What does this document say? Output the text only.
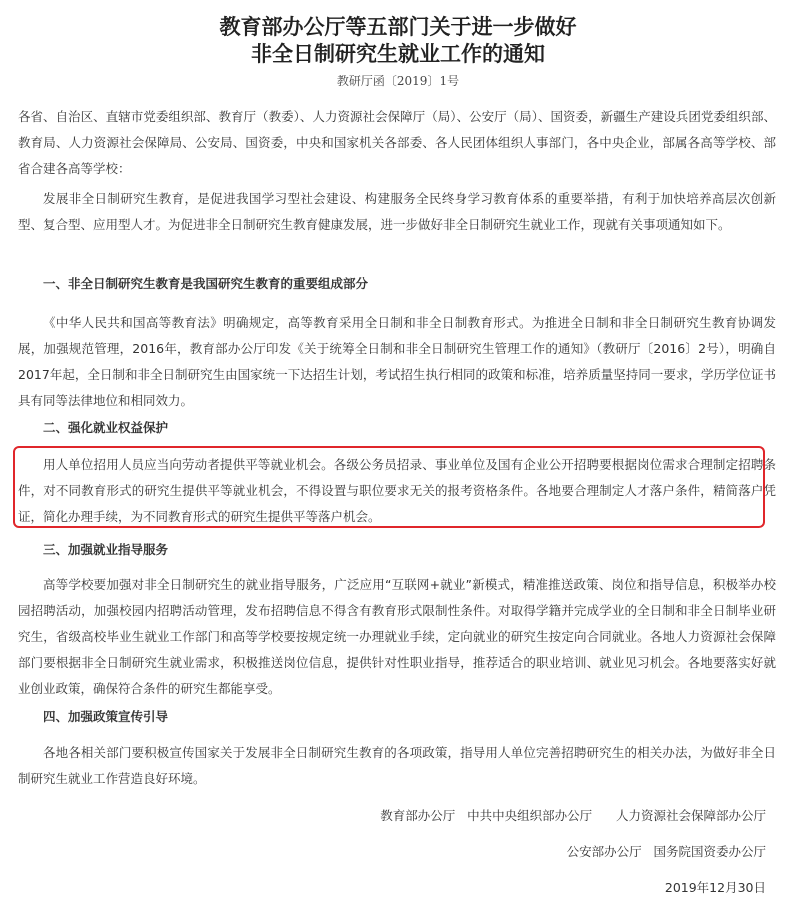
教育部办公厅等五部门关于进一步做好
非全日制研究生就业工作的通知
教研厅函〔2019〕1号

各省、自治区、直辖市党委组织部、教育厅（教委）、人力资源社会保障厅（局）、公安厅（局）、国资委，新疆生产建设兵团党委组织部、教育局、人力资源社会保障局、公安局、国资委，中央和国家机关各部委、各人民团体组织人事部门，各中央企业，部属各高等学校、部省合建各高等学校：

发展非全日制研究生教育，是促进我国学习型社会建设、构建服务全民终身学习教育体系的重要举措，有利于加快培养高层次创新型、复合型、应用型人才。为促进非全日制研究生教育健康发展，进一步做好非全日制研究生就业工作，现就有关事项通知如下。

一、非全日制研究生教育是我国研究生教育的重要组成部分

《中华人民共和国高等教育法》明确规定，高等教育采用全日制和非全日制教育形式。为推进全日制和非全日制研究生教育协调发展，加强规范管理，2016年，教育部办公厅印发《关于统筹全日制和非全日制研究生管理工作的通知》（教研厅〔2016〕2号），明确自2017年起，全日制和非全日制研究生由国家统一下达招生计划，考试招生执行相同的政策和标准，培养质量坚持同一要求，学历学位证书具有同等法律地位和相同效力。

二、强化就业权益保护

用人单位招用人员应当向劳动者提供平等就业机会。各级公务员招录、事业单位及国有企业公开招聘要根据岗位需求合理制定招聘条件，对不同教育形式的研究生提供平等就业机会，不得设置与职位要求无关的报考资格条件。各地要合理制定人才落户条件，精简落户凭证，简化办理手续，为不同教育形式的研究生提供平等落户机会。

三、加强就业指导服务

高等学校要加强对非全日制研究生的就业指导服务，广泛应用“互联网+就业”新模式，精准推送政策、岗位和指导信息，积极举办校园招聘活动，加强校园内招聘活动管理，发布招聘信息不得含有教育形式限制性条件。对取得学籍并完成学业的全日制和非全日制毕业研究生，省级高校毕业生就业工作部门和高等学校要按规定统一办理就业手续，定向就业的研究生按定向合同就业。各地人力资源社会保障部门要根据非全日制研究生就业需求，积极推送岗位信息，提供针对性职业指导，推荐适合的职业培训、就业见习机会。各地要落实好就业创业政策，确保符合条件的研究生都能享受。

四、加强政策宣传引导

各地各相关部门要积极宣传国家关于发展非全日制研究生教育的各项政策，指导用人单位完善招聘研究生的相关办法，为做好非全日制研究生就业工作营造良好环境。

教育部办公厅   中共中央组织部办公厅      人力资源社会保障部办公厅
公安部办公厅   国务院国资委办公厅
2019年12月30日
